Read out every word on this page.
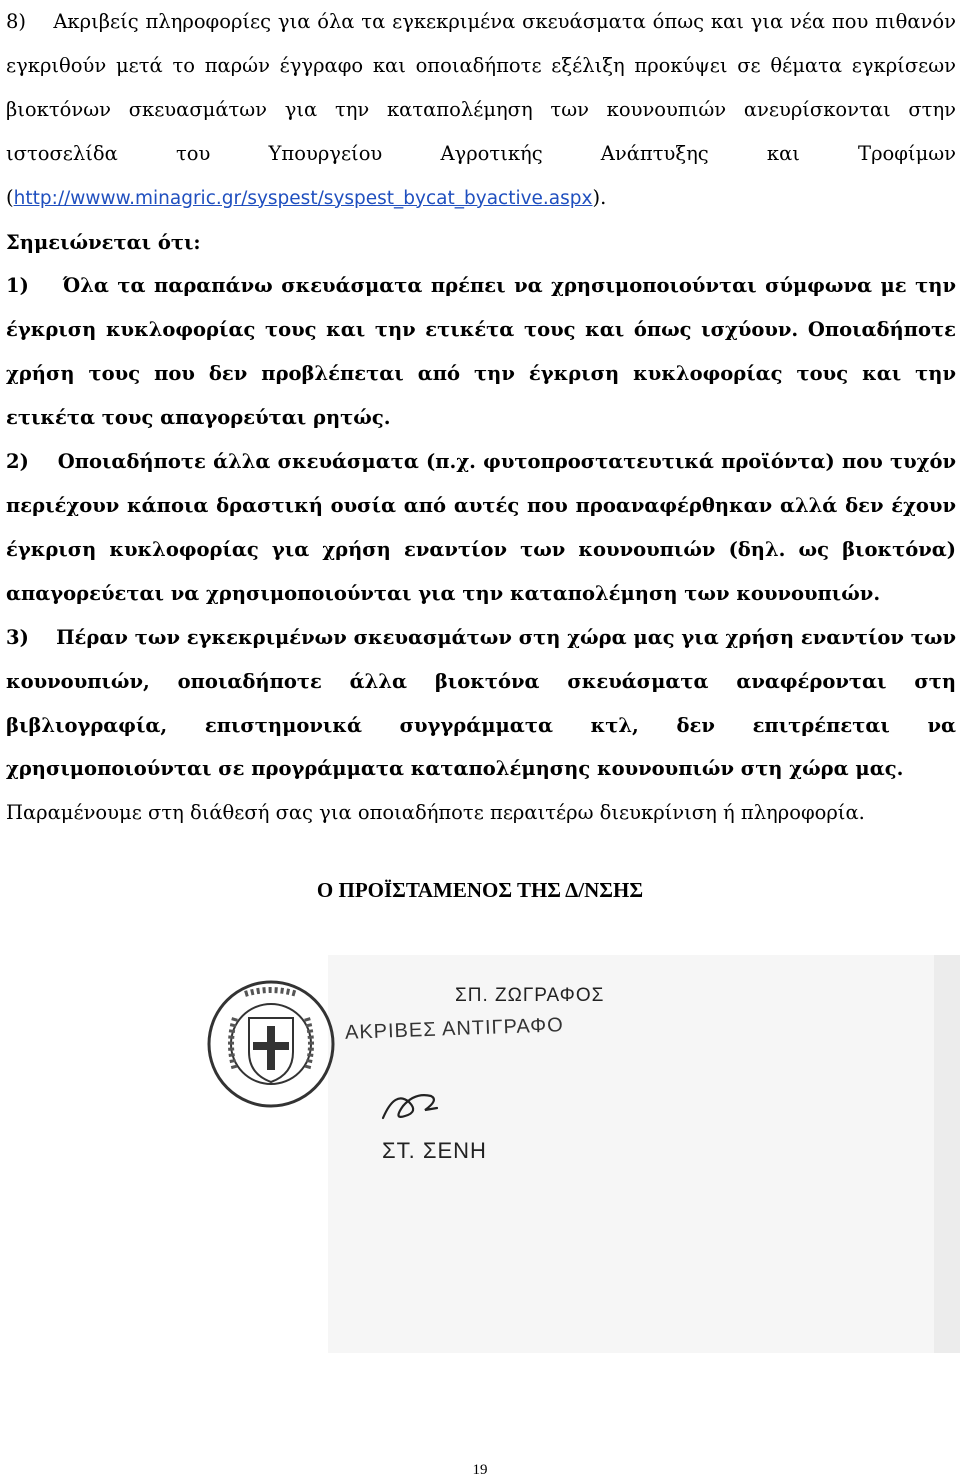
8)    Ακριβείς πληροφορίες για όλα τα εγκεκριμένα σκευάσματα όπως και για νέα που πιθανόν εγκριθούν μετά το παρών έγγραφο και οποιαδήποτε εξέλιξη προκύψει σε θέματα εγκρίσεων βιοκτόνων σκευασμάτων για την καταπολέμηση των κουνουπιών ανευρίσκονται στην ιστοσελίδα του Υπουργείου Αγροτικής Ανάπτυξης και Τροφίμων (http://wwww.minagric.gr/syspest/syspest_bycat_byactive.aspx).

Σημειώνεται ότι:

1)    Όλα τα παραπάνω σκευάσματα πρέπει να χρησιμοποιούνται σύμφωνα με την έγκριση κυκλοφορίας τους και την ετικέτα τους και όπως ισχύουν. Οποιαδήποτε χρήση τους που δεν προβλέπεται από την έγκριση κυκλοφορίας τους και την ετικέτα τους απαγορεύται ρητώς.

2)    Οποιαδήποτε άλλα σκευάσματα (π.χ. φυτοπροστατευτικά προϊόντα) που τυχόν περιέχουν κάποια δραστική ουσία από αυτές που προαναφέρθηκαν αλλά δεν έχουν έγκριση κυκλοφορίας για χρήση εναντίον των κουνουπιών (δηλ. ως βιοκτόνα) απαγορεύεται να χρησιμοποιούνται για την καταπολέμηση των κουνουπιών.

3)    Πέραν των εγκεκριμένων σκευασμάτων στη χώρα μας για χρήση εναντίον των κουνουπιών, οποιαδήποτε άλλα βιοκτόνα σκευάσματα αναφέρονται στη βιβλιογραφία, επιστημονικά συγγράμματα κτλ, δεν επιτρέπεται να χρησιμοποιούνται σε προγράμματα καταπολέμησης κουνουπιών στη χώρα μας.

Παραμένουμε στη διάθεσή σας για οποιαδήποτε περαιτέρω διευκρίνιση ή πληροφορία.

Ο ΠΡΟΪΣΤΑΜΕΝΟΣ ΤΗΣ Δ/ΝΣΗΣ
ΣΠ. ΖΩΓΡΑΦΟΣ
ΑΚΡΙΒΕΣ ΑΝΤΙΓΡΑΦΟ
ΣΤ. ΣΕΝΗ
19
